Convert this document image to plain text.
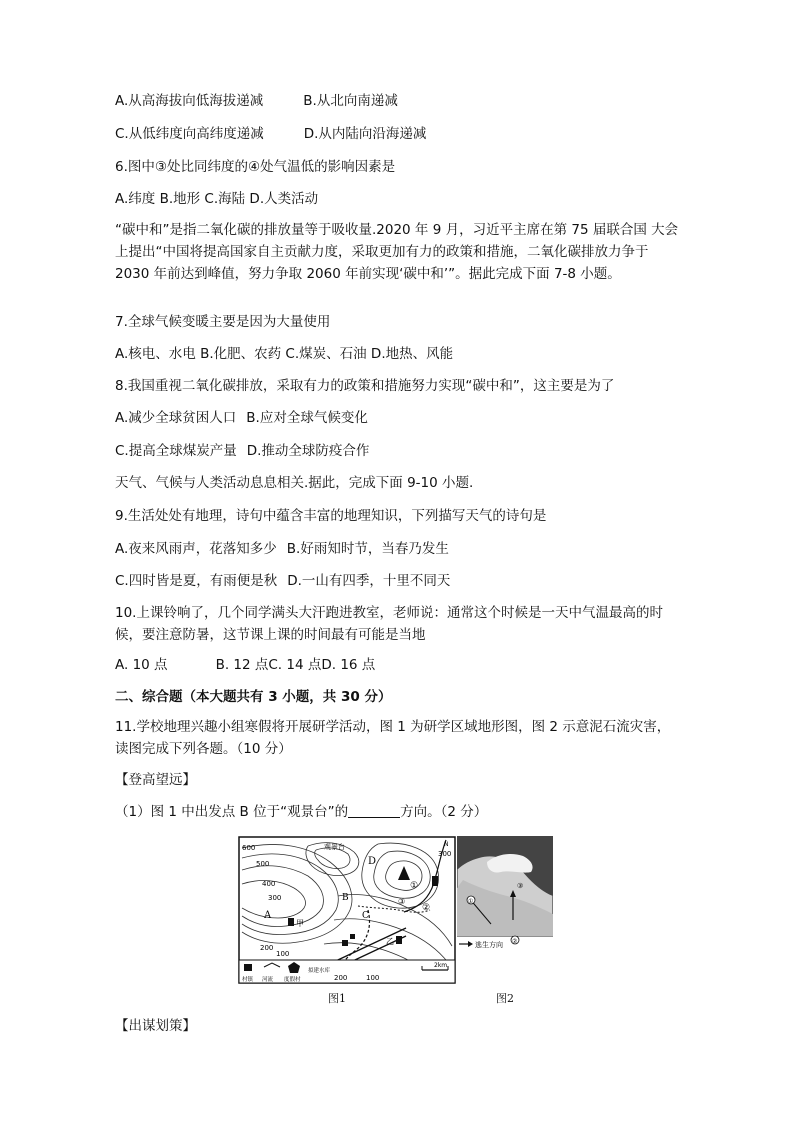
A.从高海拔向低海拔递减	B.从北向南递减
C.从低纬度向高纬度递减	D.从内陆向沿海递减
6.图中③处比同纬度的④处气温低的影响因素是
A.纬度 B.地形 C.海陆 D.人类活动
“碳中和”是指二氧化碳的排放量等于吸收量.2020 年 9 月，习近平主席在第 75 届联合国 大会上提出“中国将提高国家自主贡献力度，采取更加有力的政策和措施，二氧化碳排放力争于 2030 年前达到峰值，努力争取 2060 年前实现‘碳中和’”。据此完成下面 7-8 小题。
7.全球气候变暖主要是因为大量使用
A.核电、水电 B.化肥、农药 C.煤炭、石油 D.地热、风能
8.我国重视二氧化碳排放，采取有力的政策和措施努力实现“碳中和”，这主要是为了
A.减少全球贫困人口 B.应对全球气候变化
C.提高全球煤炭产量 D.推动全球防疫合作
天气、气候与人类活动息息相关.据此，完成下面 9-10 小题.
9.生活处处有地理，诗句中蕴含丰富的地理知识，下列描写天气的诗句是
A.夜来风雨声，花落知多少 B.好雨知时节，当春乃发生
C.四时皆是夏，有雨便是秋 D.一山有四季，十里不同天
10.上课铃响了，几个同学满头大汗跑进教室，老师说：通常这个时候是一天中气温最高的时候，要注意防暑，这节课上课的时间最有可能是当地
A. 10 点	B. 12 点C. 14 点D. 16 点
二、综合题（本大题共有 3 小题，共 30 分）
11.学校地理兴趣小组寒假将开展研学活动，图 1 为研学区域地形图，图 2 示意泥石流灾害，读图完成下列各题。（10 分）
【登高望远】
（1）图 1 中出发点 B 位于“观景台”的	方向。（2 分）
600
500
400
300
200
100
300
200	100
D
A
B
C
①
②
③
观景台
甲
乙
村镇 河流 度假村
拟建水库
2km
N
图1
①
②
③
逃生方向
图2
【出谋划策】
